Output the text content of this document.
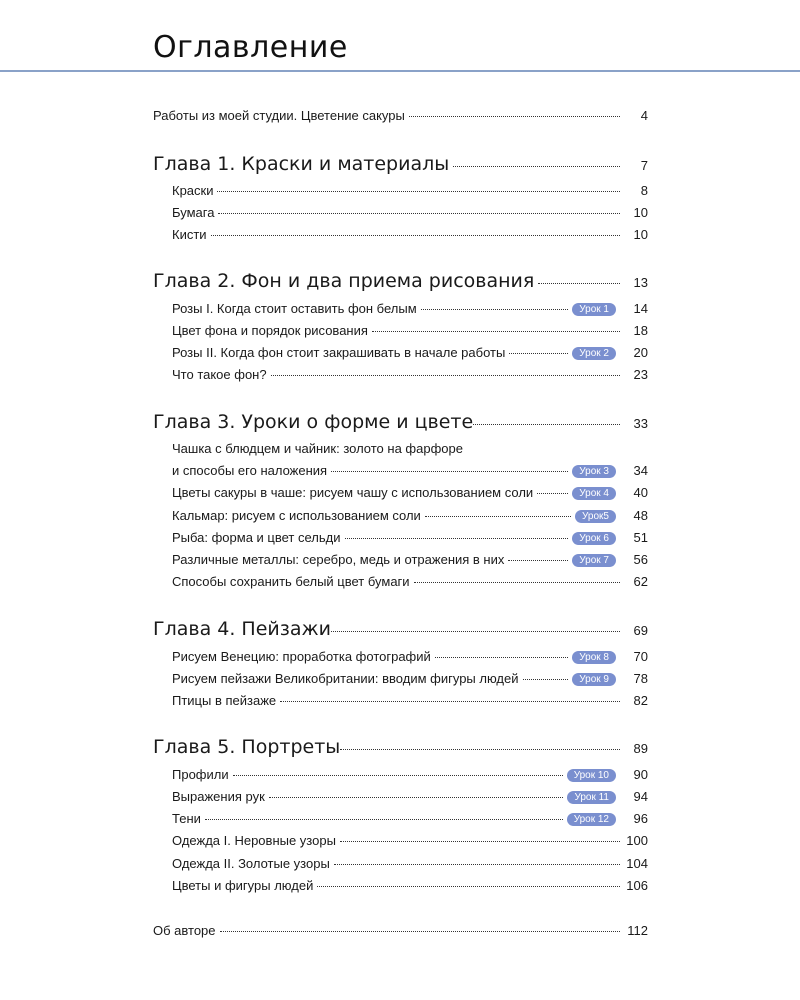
Оглавление
Работы из моей студии. Цветение сакуры	4
Глава 1. Краски и материалы	7
Краски	8
Бумага	10
Кисти	10
Глава 2. Фон и два приема рисования	13
Розы I. Когда стоит оставить фон белым	Урок 1	14
Цвет фона и порядок рисования	18
Розы II. Когда фон стоит закрашивать в начале работы	Урок 2	20
Что такое фон?	23
Глава 3. Уроки о форме и цвете	33
Чашка с блюдцем и чайник: золото на фарфоре
и способы его наложения	Урок 3	34
Цветы сакуры в чаше: рисуем чашу с использованием соли	Урок 4	40
Кальмар: рисуем с использованием соли	Урок5	48
Рыба: форма и цвет сельди	Урок 6	51
Различные металлы: серебро, медь и отражения в них	Урок 7	56
Способы сохранить белый цвет бумаги	62
Глава 4. Пейзажи	69
Рисуем Венецию: проработка фотографий	Урок 8	70
Рисуем пейзажи Великобритании: вводим фигуры людей	Урок 9	78
Птицы в пейзаже	82
Глава 5. Портреты	89
Профили	Урок 10	90
Выражения рук	Урок 11	94
Тени	Урок 12	96
Одежда I. Неровные узоры	100
Одежда II. Золотые узоры	104
Цветы и фигуры людей	106
Об авторе	112
